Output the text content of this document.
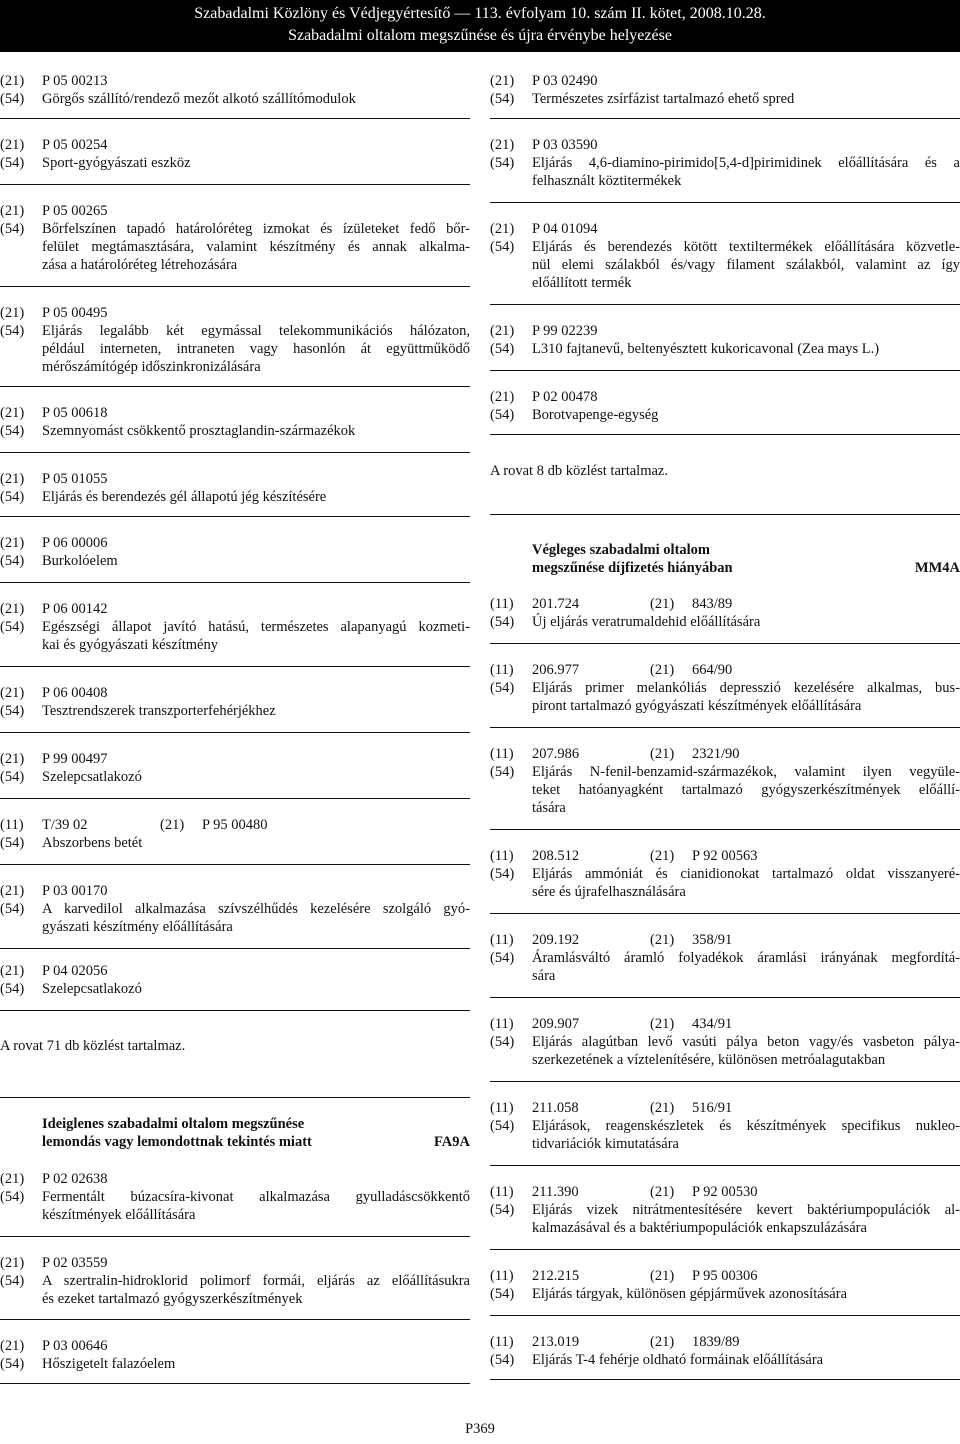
Szabadalmi Közlöny és Védjegyértesítő — 113. évfolyam 10. szám II. kötet, 2008.10.28.
Szabadalmi oltalom megszűnése és újra érvénybe helyezése
(21)	P 05 00213
(54)	Görgős szállító/rendező mezőt alkotó szállítómodulok
(21)	P 05 00254
(54)	Sport-gyógyászati eszköz
(21)	P 05 00265
(54)	Bőrfelszínen tapadó határolóréteg izmokat és ízületeket fedő bőr-
felület megtámasztására, valamint készítmény és annak alkalma-
zása a határolóréteg létrehozására
(21)	P 05 00495
(54)	Eljárás legalább két egymással telekommunikációs hálózaton,
például interneten, intraneten vagy hasonlón át együttműködő
mérőszámítógép időszinkronizálására
(21)	P 05 00618
(54)	Szemnyomást csökkentő prosztaglandin-származékok
(21)	P 05 01055
(54)	Eljárás és berendezés gél állapotú jég készítésére
(21)	P 06 00006
(54)	Burkolóelem
(21)	P 06 00142
(54)	Egészségi állapot javító hatású, természetes alapanyagú kozmeti-
kai és gyógyászati készítmény
(21)	P 06 00408
(54)	Tesztrendszerek transzporterfehérjékhez
(21)	P 99 00497
(54)	Szelepcsatlakozó
(11)	T/39 02	(21)	P 95 00480
(54)	Abszorbens betét
(21)	P 03 00170
(54)	A karvedilol alkalmazása szívszélhűdés kezelésére szolgáló gyó-
gyászati készítmény előállítására
(21)	P 04 02056
(54)	Szelepcsatlakozó
A rovat 71 db közlést tartalmaz.
Ideiglenes szabadalmi oltalom megszűnése
lemondás vagy lemondottnak tekintés miatt	FA9A
(21)	P 02 02638
(54)	Fermentált búzacsíra-kivonat alkalmazása gyulladáscsökkentő
készítmények előállítására
(21)	P 02 03559
(54)	A szertralin-hidroklorid polimorf formái, eljárás az előállításukra
és ezeket tartalmazó gyógyszerkészítmények
(21)	P 03 00646
(54)	Hőszigetelt falazóelem
(21)	P 03 02490
(54)	Természetes zsírfázist tartalmazó ehető spred
(21)	P 03 03590
(54)	Eljárás 4,6-diamino-pirimido[5,4-d]pirimidinek előállítására és a
felhasznált köztitermékek
(21)	P 04 01094
(54)	Eljárás és berendezés kötött textiltermékek előállítására közvetle-
nül elemi szálakból és/vagy filament szálakból, valamint az így
előállított termék
(21)	P 99 02239
(54)	L310 fajtanevű, beltenyésztett kukoricavonal (Zea mays L.)
(21)	P 02 00478
(54)	Borotvapenge-egység
A rovat 8 db közlést tartalmaz.
Végleges szabadalmi oltalom
megszűnése díjfizetés hiányában	MM4A
(11)	201.724	(21)	843/89
(54)	Új eljárás veratrumaldehid előállítására
(11)	206.977	(21)	664/90
(54)	Eljárás primer melankóliás depresszió kezelésére alkalmas, bus-
piront tartalmazó gyógyászati készítmények előállítására
(11)	207.986	(21)	2321/90
(54)	Eljárás N-fenil-benzamid-származékok, valamint ilyen vegyüle-
teket hatóanyagként tartalmazó gyógyszerkészítmények előállí-
tására
(11)	208.512	(21)	P 92 00563
(54)	Eljárás ammóniát és cianidionokat tartalmazó oldat visszanyeré-
sére és újrafelhasználására
(11)	209.192	(21)	358/91
(54)	Áramlásváltó áramló folyadékok áramlási irányának megfordítá-
sára
(11)	209.907	(21)	434/91
(54)	Eljárás alagútban levő vasúti pálya beton vagy/és vasbeton pálya-
szerkezetének a víztelenítésére, különösen metróalagutakban
(11)	211.058	(21)	516/91
(54)	Eljárások, reagenskészletek és készítmények specifikus nukleo-
tidvariációk kimutatására
(11)	211.390	(21)	P 92 00530
(54)	Eljárás vizek nitrátmentesítésére kevert baktériumpopulációk al-
kalmazásával és a baktériumpopulációk enkapszulázására
(11)	212.215	(21)	P 95 00306
(54)	Eljárás tárgyak, különösen gépjárművek azonosítására
(11)	213.019	(21)	1839/89
(54)	Eljárás T-4 fehérje oldható formáinak előállítására
P369
